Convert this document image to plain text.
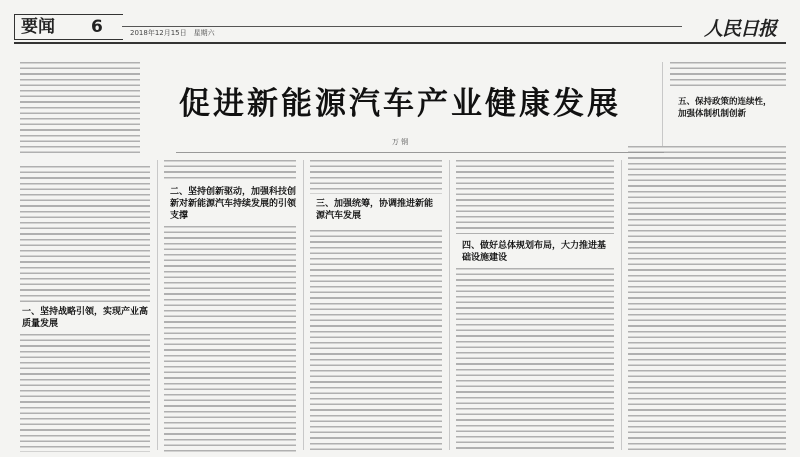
要闻 6	2018年12月15日　星期六	人民日报
五、保持政策的连续性，加强体制机制创新
促进新能源汽车产业健康发展
万 钢
一、坚持战略引领，实现产业高质量发展
二、坚持创新驱动，加强科技创新对新能源汽车持续发展的引领支撑
三、加强统筹，协调推进新能源汽车发展
四、做好总体规划布局，大力推进基础设施建设
